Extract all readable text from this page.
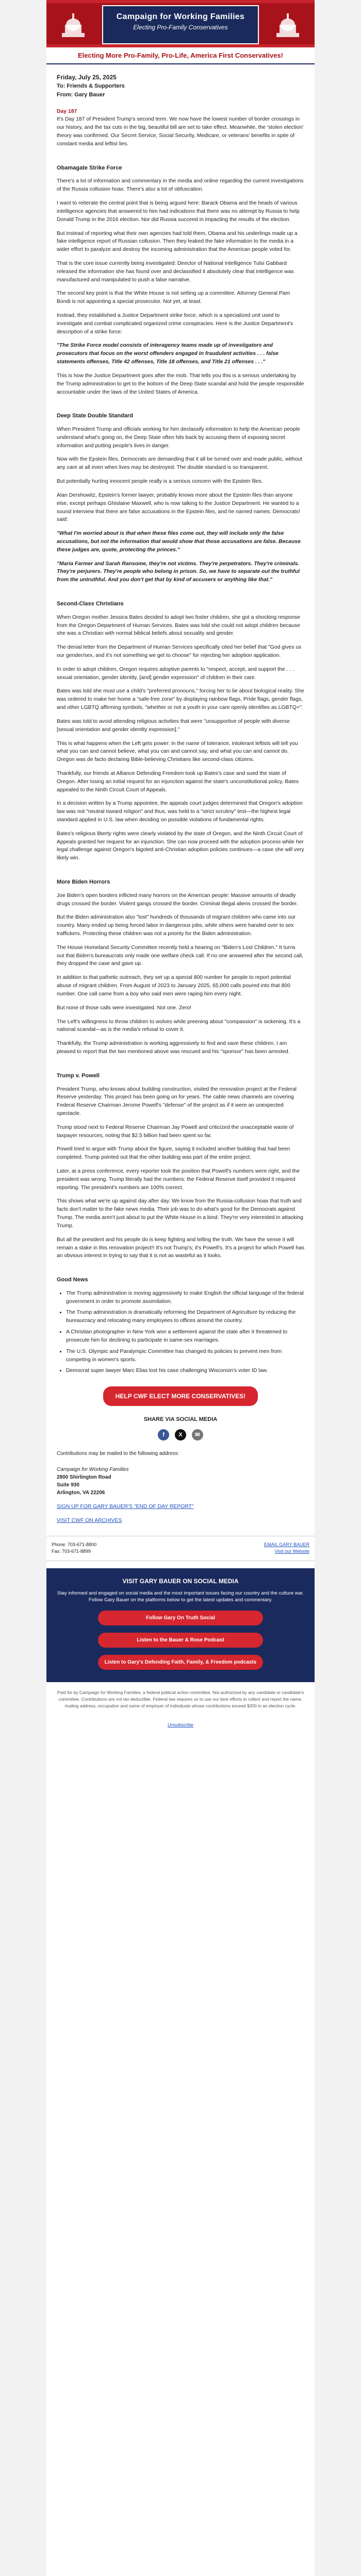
Campaign for Working Families
Electing Pro-Family Conservatives
Electing More Pro-Family, Pro-Life, America First Conservatives!
Friday, July 25, 2025
To: Friends & Supporters
From: Gary Bauer
Day 187

It's Day 187 of President Trump's second term. We now have the lowest number of border crossings in our history, and the tax cuts in the big, beautiful bill are set to take effect. Meanwhile, the 'stolen election' theory was confirmed. Our Secret Service, Social Security, Medicare, or veterans' benefits in spite of constant media and leftist lies.

Obamagate Strike Force

There's a lot of information and commentary in the media and online regarding the current investigations of the Russia collusion hoax. There's also a lot of obfuscation.

I want to reiterate the central point that is being argued here: Barack Obama and the heads of various intelligence agencies that answered to him had indications that there was no attempt by Russia to help Donald Trump in the 2016 election. Nor did Russia succeed in impacting the results of the election.

But instead of reporting what their own agencies had told them, Obama and his underlings made up a fake intelligence report of Russian collusion. Then they leaked the fake information to the media in a wider effort to paralyze and destroy the incoming administration that the American people voted for.

That is the core issue currently being investigated: Director of National Intelligence Tulsi Gabbard released the information she has found over and declassified it absolutely clear that intelligence was manufactured and manipulated to push a false narrative.

The second key point is that the White House is not setting up a committee. Attorney General Pam Bondi is not appointing a special prosecutor. Not yet, at least.

Instead, they established a Justice Department strike force, which is a specialized unit used to investigate and combat complicated organized crime conspiracies. Here is the Justice Department's description of a strike force:

"The Strike Force model consists of interagency teams made up of investigators and prosecutors that focus on the worst offenders engaged in fraudulent activities . . . false statements offenses, Title 42 offenses, Title 18 offenses, and Title 21 offenses . . ."

This is how the Justice Department goes after the mob. That tells you this is a serious undertaking by the Trump administration to get to the bottom of the Deep State scandal and hold the people responsible accountable under the laws of the United States of America.

Deep State Double Standard

When President Trump and officials working for him declassify information to help the American people understand what's going on, the Deep State often hits back by accusing them of exposing secret information and putting people's lives in danger.

Now with the Epstein files, Democrats are demanding that it all be turned over and made public, without any care at all even when lives may be destroyed. The double standard is so transparent.

But potentially hurting innocent people really is a serious concern with the Epstein files.

Alan Dershowitz, Epstein's former lawyer, probably knows more about the Epstein files than anyone else, except perhaps Ghislaine Maxwell, who is now talking to the Justice Department. He wanted to a sound interview that there are false accusations in the Epstein files, and he named names: Democrats! said:

"What I'm worried about is that when these files come out, they will include only the false accusations, but not the information that would show that those accusations are false. Because these judges are, quote, protecting the princes."

"Maria Farmer and Sarah Ransome, they're not victims. They're perpetrators. They're criminals. They're perjurers. They're people who belong in prison. So, we have to separate out the truthful from the untruthful. And you don't get that by kind of accusers or anything like that."

Second-Class Christians

When Oregon mother Jessica Bates decided to adopt two foster children, she got a shocking response from the Oregon Department of Human Services. Bates was told she could not adopt children because she was a Christian with normal biblical beliefs about sexuality and gender.

The denial letter from the Department of Human Services specifically cited her belief that "God gives us our gender/sex, and it's not something we get to choose" for rejecting her adoption application.

In order to adopt children, Oregon requires adoptive parents to "respect, accept, and support the . . . sexual orientation, gender identity, [and] gender expression" of children in their care.

Bates was told she must use a child's "preferred pronouns," forcing her to lie about biological reality. She was ordered to make her home a "safe-free zone" by displaying rainbow flags, Pride flags, gender flags, and other LGBTQ affirming symbols, "whether or not a youth in your care openly identifies as LGBTQ+".

Bates was told to avoid attending religious activities that were "unsupportive of people with diverse [sexual orientation and gender identity expression]."

This is what happens when the Left gets power: in the name of tolerance, intolerant leftists will tell you what you can and cannot believe, what you can and cannot say, and what you can and cannot do. Oregon was de facto declaring Bible-believing Christians like second-class citizens.

Thankfully, our friends at Alliance Defending Freedom took up Bates's case and sued the state of Oregon. After losing an initial request for an injunction against the state's unconstitutional policy, Bates appealed to the Ninth Circuit Court of Appeals.

In a decision written by a Trump appointee, the appeals court judges determined that Oregon's adoption law was not "neutral toward religion" and thus, was held to a "strict scrutiny" test—the highest legal standard applied in U.S. law when deciding on possible violations of fundamental rights.

Bates's religious liberty rights were clearly violated by the state of Oregon, and the Ninth Circuit Court of Appeals granted her request for an injunction. She can now proceed with the adoption process while her legal challenge against Oregon's bigoted anti-Christian adoption policies continues—a case she will very likely win.

More Biden Horrors

Joe Biden's open borders inflicted many horrors on the American people: Massive amounts of deadly drugs crossed the border. Violent gangs crossed the border. Criminal illegal aliens crossed the border.

But the Biden administration also "lost" hundreds of thousands of migrant children who came into our country. Many ended up being forced labor in dangerous jobs, while others were handed over to sex traffickers. Protecting these children was not a priority for the Biden administration.

The House Homeland Security Committee recently held a hearing on "Biden's Lost Children." It turns out that Biden's bureaucrats only made one welfare check call. If no one answered after the second call, they dropped the case and gave up.

In addition to that pathetic outreach, they set up a special 800 number for people to report potential abuse of migrant children. From August of 2023 to January 2025, 65,000 calls poured into that 800 number. One call came from a boy who said men were raping him every night.

But none of those calls were investigated. Not one. Zero!

The Left's willingness to throw children to wolves while preening about "compassion" is sickening. It's a national scandal—as is the media's refusal to cover it.

Thankfully, the Trump administration is working aggressively to find and save these children. I am pleased to report that the two mentioned above was rescued and his "sponsor" has been arrested.

Trump v. Powell

President Trump, who knows about building construction, visited the renovation project at the Federal Reserve yesterday. This project has been going on for years. The cable news channels are covering Federal Reserve Chairman Jerome Powell's "defense" of the project as if it were an unexpected spectacle.

Trump stood next to Federal Reserve Chairman Jay Powell and criticized the unacceptable waste of taxpayer resources, noting that $2.5 billion had been spent so far.

Powell tried to argue with Trump about the figure, saying it included another building that had been completed. Trump pointed out that the other building was part of the entire project.

Later, at a press conference, every reporter took the position that Powell's numbers were right, and the president was wrong. Trump literally had the numbers: the Federal Reserve itself provided it required reporting. The president's numbers are 100% correct.

This shows what we're up against day after day. We know from the Russia-collusion hoax that truth and facts don't matter to the fake news media. Their job was to do what's good for the Democrats against Trump. The media aren't just about to put the White House in a bind. They're very interested in attacking Trump.

But all the president and his people do is keep fighting and telling the truth. We have the sense it will remain a stake in this renovation project!! It's not Trump's; it's Powell's. It's a project for which Powell has an obvious interest in trying to say that it is not as wasteful as it looks.

Good News
• The Trump administration is moving aggressively to make English the official language of the federal government in order to promote assimilation.
• The Trump administration is dramatically reforming the Department of Agriculture by reducing the bureaucracy and relocating many employees to offices around the country.
• A Christian photographer in New York won a settlement against the state after it threatened to prosecute him for declining to participate in same-sex marriages.
• The U.S. Olympic and Paralympic Committee has changed its policies to prevent men from competing in women's sports.
• Democrat super lawyer Marc Elias lost his case challenging Wisconsin's voter ID law.
HELP CWF ELECT MORE CONSERVATIVES!
SHARE VIA SOCIAL MEDIA
f X ✉
Contributions may be mailed to the following address:

Campaign for Working Families
2800 Shirlington Road
Suite 930
Arlington, VA 22206

SIGN UP FOR GARY BAUER'S "END OF DAY REPORT"

VISIT CWF ON ARCHIVES

Phone: 703-671-8800
Fax: 703-671-8899
EMAIL GARY BAUER
Visit our Website
VISIT GARY BAUER ON SOCIAL MEDIA
Stay informed and engaged on social media and the most important issues facing our country and the culture war. Follow Gary Bauer on the platforms below to get the latest updates and commentary.
Follow Gary On Truth Social
Listen to the Bauer & Rose Podcast
Listen to Gary's Defending Faith, Family, & Freedom podcasts
Paid for by Campaign for Working Families, a federal political action committee. Not authorized by any candidate or candidate's committee. Contributions are not tax deductible. Federal law requires us to use our best efforts to collect and report the name, mailing address, occupation and name of employer of individuals whose contributions exceed $200 in an election cycle.
Unsubscribe
